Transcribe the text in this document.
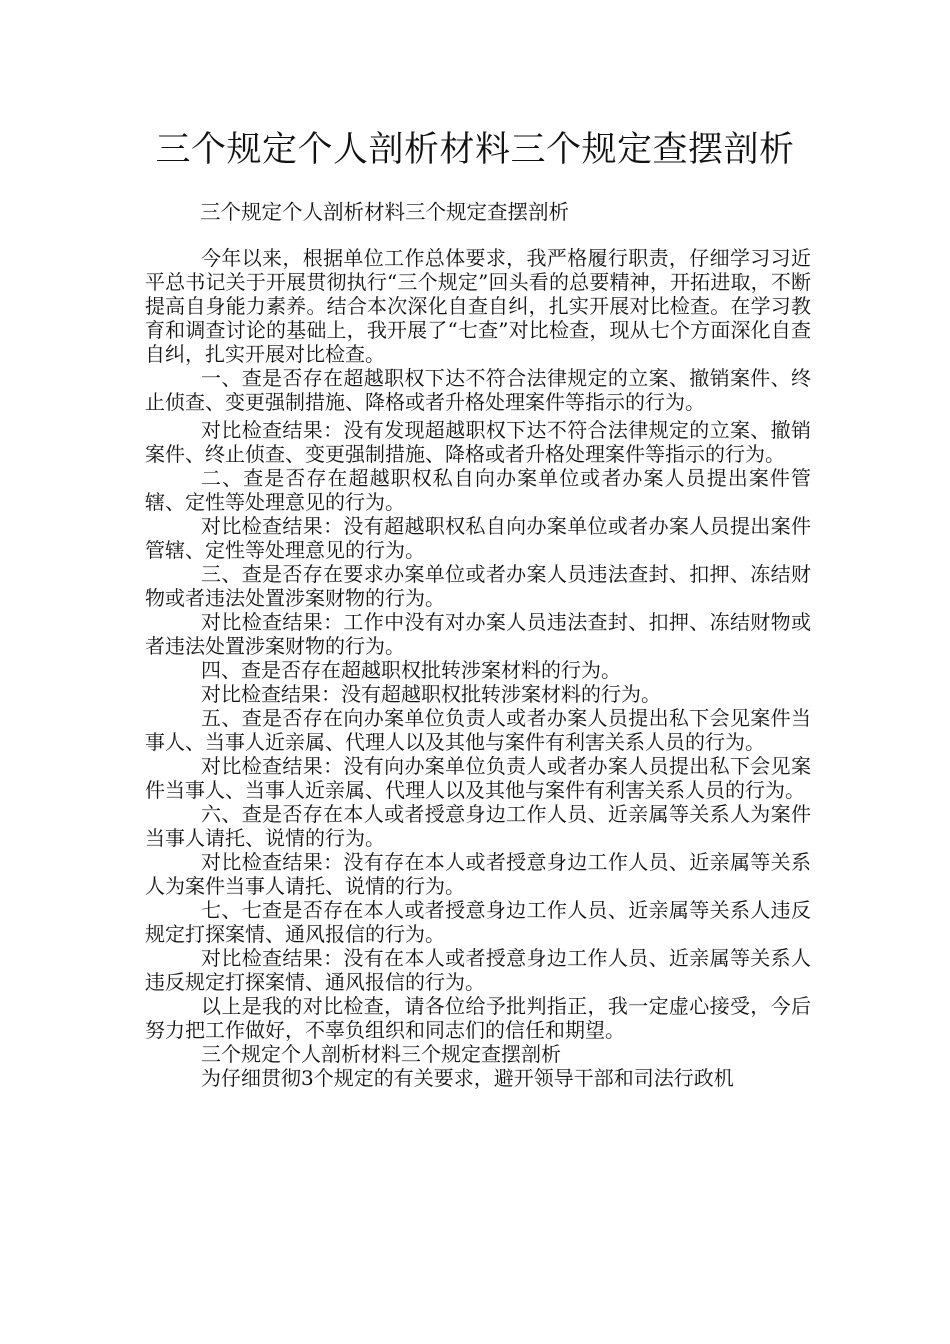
三个规定个人剖析材料三个规定查摆剖析
三个规定个人剖析材料三个规定查摆剖析

今年以来，根据单位工作总体要求，我严格履行职责，仔细学习习近平总书记关于开展贯彻执行“三个规定”回头看的总要精神，开拓进取，不断提高自身能力素养。结合本次深化自查自纠，扎实开展对比检查。在学习教育和调查讨论的基础上，我开展了“七查”对比检查，现从七个方面深化自查自纠，扎实开展对比检查。

一、查是否存在超越职权下达不符合法律规定的立案、撤销案件、终止侦查、变更强制措施、降格或者升格处理案件等指示的行为。

对比检查结果：没有发现超越职权下达不符合法律规定的立案、撤销案件、终止侦查、变更强制措施、降格或者升格处理案件等指示的行为。

二、查是否存在超越职权私自向办案单位或者办案人员提出案件管辖、定性等处理意见的行为。

对比检查结果：没有超越职权私自向办案单位或者办案人员提出案件管辖、定性等处理意见的行为。

三、查是否存在要求办案单位或者办案人员违法查封、扣押、冻结财物或者违法处置涉案财物的行为。

对比检查结果：工作中没有对办案人员违法查封、扣押、冻结财物或者违法处置涉案财物的行为。

四、查是否存在超越职权批转涉案材料的行为。

对比检查结果：没有超越职权批转涉案材料的行为。

五、查是否存在向办案单位负责人或者办案人员提出私下会见案件当事人、当事人近亲属、代理人以及其他与案件有利害关系人员的行为。

对比检查结果：没有向办案单位负责人或者办案人员提出私下会见案件当事人、当事人近亲属、代理人以及其他与案件有利害关系人员的行为。

六、查是否存在本人或者授意身边工作人员、近亲属等关系人为案件当事人请托、说情的行为。

对比检查结果：没有存在本人或者授意身边工作人员、近亲属等关系人为案件当事人请托、说情的行为。

七、七查是否存在本人或者授意身边工作人员、近亲属等关系人违反规定打探案情、通风报信的行为。

对比检查结果：没有在本人或者授意身边工作人员、近亲属等关系人违反规定打探案情、通风报信的行为。

以上是我的对比检查，请各位给予批判指正，我一定虚心接受，今后努力把工作做好，不辜负组织和同志们的信任和期望。

三个规定个人剖析材料三个规定查摆剖析

为仔细贯彻3个规定的有关要求，避开领导干部和司法行政机
